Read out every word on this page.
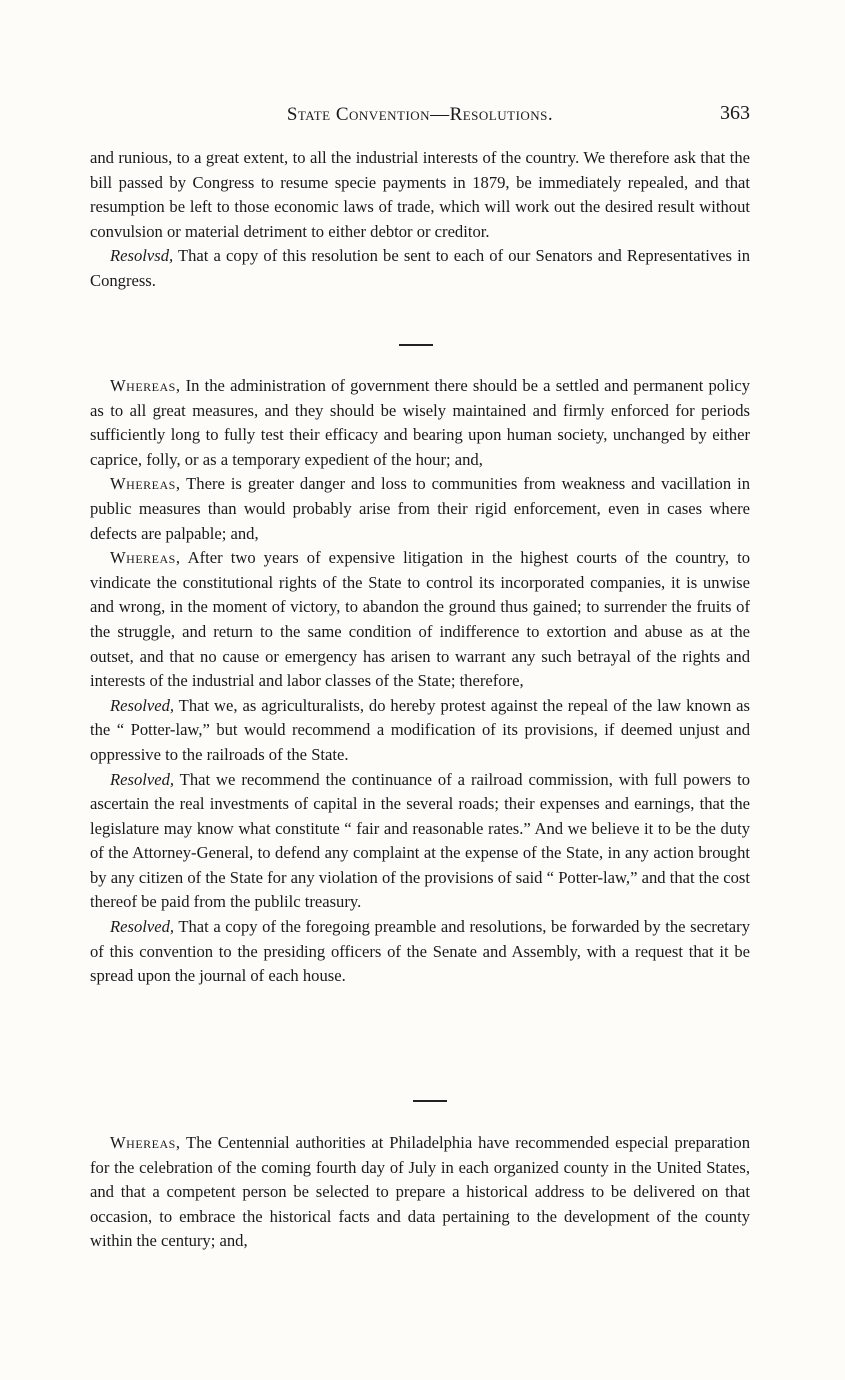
State Convention—Resolutions.	363

and runious, to a great extent, to all the industrial interests of the country. We therefore ask that the bill passed by Congress to resume specie payments in 1879, be immediately repealed, and that resumption be left to those economic laws of trade, which will work out the desired result without convulsion or material detriment to either debtor or creditor.

Resolvsd, That a copy of this resolution be sent to each of our Senators and Representatives in Congress.

Whereas, In the administration of government there should be a settled and permanent policy as to all great measures, and they should be wisely maintained and firmly enforced for periods sufficiently long to fully test their efficacy and bearing upon human society, unchanged by either caprice, folly, or as a temporary expedient of the hour; and,

Whereas, There is greater danger and loss to communities from weakness and vacillation in public measures than would probably arise from their rigid enforcement, even in cases where defects are palpable; and,

Whereas, After two years of expensive litigation in the highest courts of the country, to vindicate the constitutional rights of the State to control its incorporated companies, it is unwise and wrong, in the moment of victory, to abandon the ground thus gained; to surrender the fruits of the struggle, and return to the same condition of indifference to extortion and abuse as at the outset, and that no cause or emergency has arisen to warrant any such betrayal of the rights and interests of the industrial and labor classes of the State; therefore,

Resolved, That we, as agriculturalists, do hereby protest against the repeal of the law known as the “ Potter-law,” but would recommend a modification of its provisions, if deemed unjust and oppressive to the railroads of the State.

Resolved, That we recommend the continuance of a railroad commission, with full powers to ascertain the real investments of capital in the several roads; their expenses and earnings, that the legislature may know what constitute “ fair and reasonable rates.” And we believe it to be the duty of the Attorney-General, to defend any complaint at the expense of the State, in any action brought by any citizen of the State for any violation of the provisions of said “ Potter-law,” and that the cost thereof be paid from the publilc treasury.

Resolved, That a copy of the foregoing preamble and resolutions, be forwarded by the secretary of this convention to the presiding officers of the Senate and Assembly, with a request that it be spread upon the journal of each house.

Whereas, The Centennial authorities at Philadelphia have recommended especial preparation for the celebration of the coming fourth day of July in each organized county in the United States, and that a competent person be selected to prepare a historical address to be delivered on that occasion, to embrace the historical facts and data pertaining to the development of the county within the century; and,
